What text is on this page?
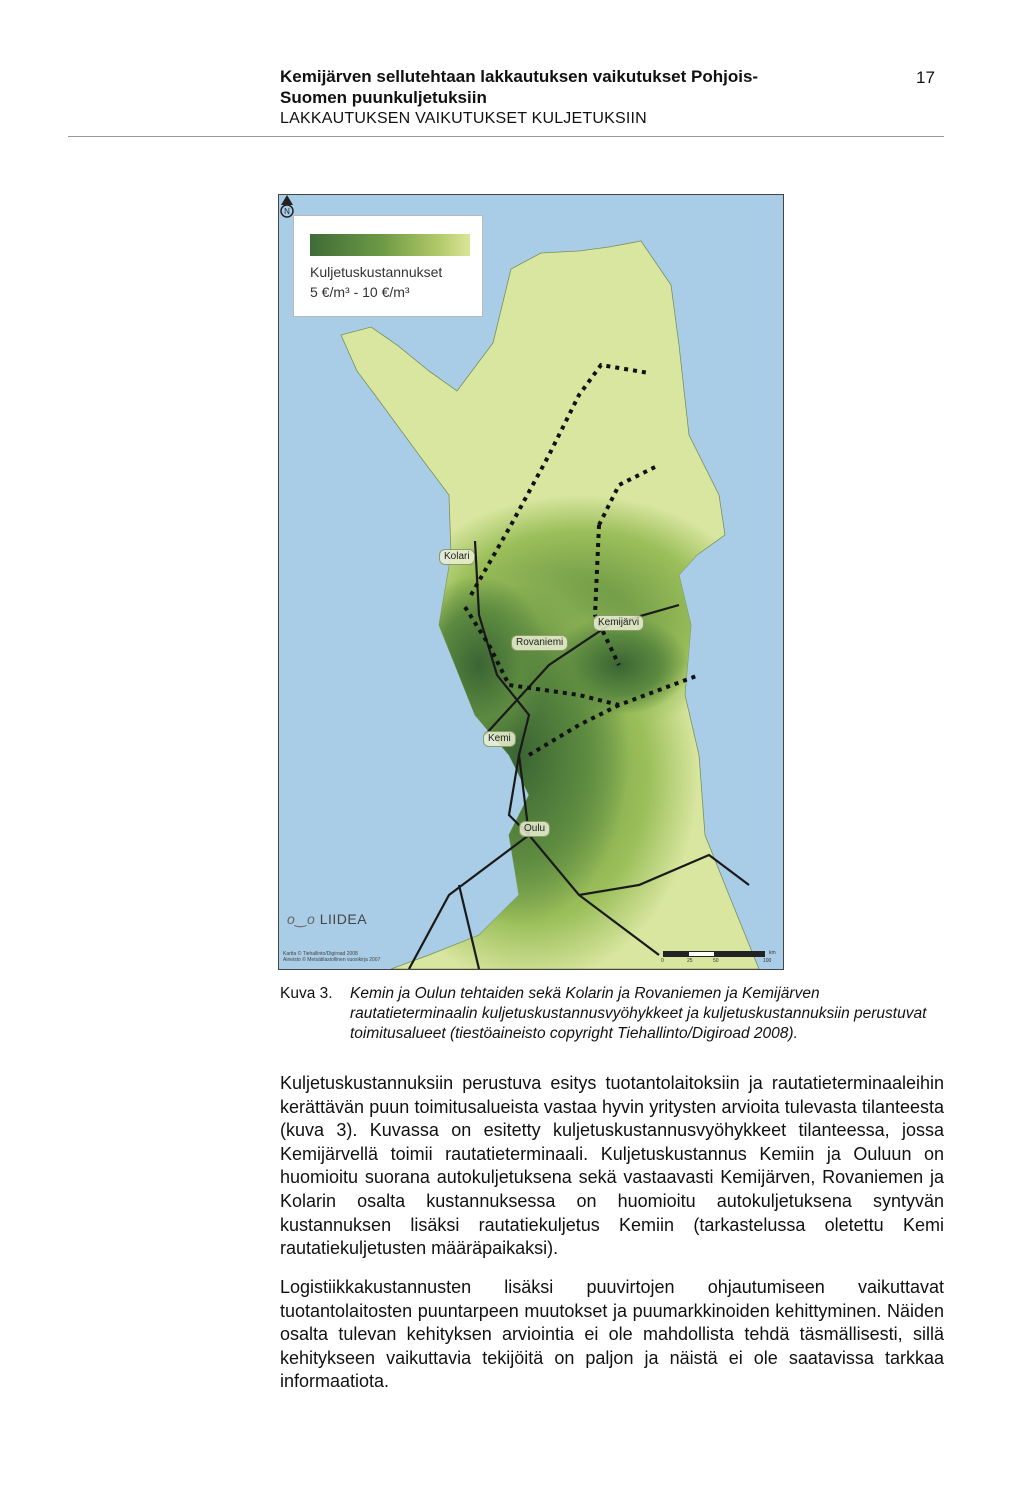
Kemijärven sellutehtaan lakkautuksen vaikutukset Pohjois-Suomen puunkuljetuksiin
LAKKAUTUKSEN VAIKUTUKSET KULJETUKSIIN
17
Kuljetuskustannukset
5 €/m³ - 10 €/m³
Kolari
Rovaniemi
Kemijärvi
Kemi
Oulu
o‿o LIIDEA
Kartta © Tiehallinto/Digiroad 2008
Aineisto © Metsätilastollinen vuosikirja 2007
N
0	25	50	100
km
Kuva 3. Kemin ja Oulun tehtaiden sekä Kolarin ja Rovaniemen ja Kemijärven rautatieterminaalin kuljetuskustannusvyöhykkeet ja kuljetuskustannuksiin perustuvat toimitusalueet (tiestöaineisto copyright Tiehallinto/Digiroad 2008).
Kuljetuskustannuksiin perustuva esitys tuotantolaitoksiin ja rautatieterminaaleihin kerättävän puun toimitusalueista vastaa hyvin yritysten arvioita tulevasta tilanteesta (kuva 3). Kuvassa on esitetty kuljetuskustannusvyöhykkeet tilanteessa, jossa Kemijärvellä toimii rautatieterminaali. Kuljetuskustannus Kemiin ja Ouluun on huomioitu suorana autokuljetuksena sekä vastaavasti Kemijärven, Rovaniemen ja Kolarin osalta kustannuksessa on huomioitu autokuljetuksena syntyvän kustannuksen lisäksi rautatiekuljetus Kemiin (tarkastelussa oletettu Kemi rautatiekuljetusten määräpaikaksi).
Logistiikkakustannusten lisäksi puuvirtojen ohjautumiseen vaikuttavat tuotantolaitosten puuntarpeen muutokset ja puumarkkinoiden kehittyminen. Näiden osalta tulevan kehityksen arviointia ei ole mahdollista tehdä täsmällisesti, sillä kehitykseen vaikuttavia tekijöitä on paljon ja näistä ei ole saatavissa tarkkaa informaatiota.
